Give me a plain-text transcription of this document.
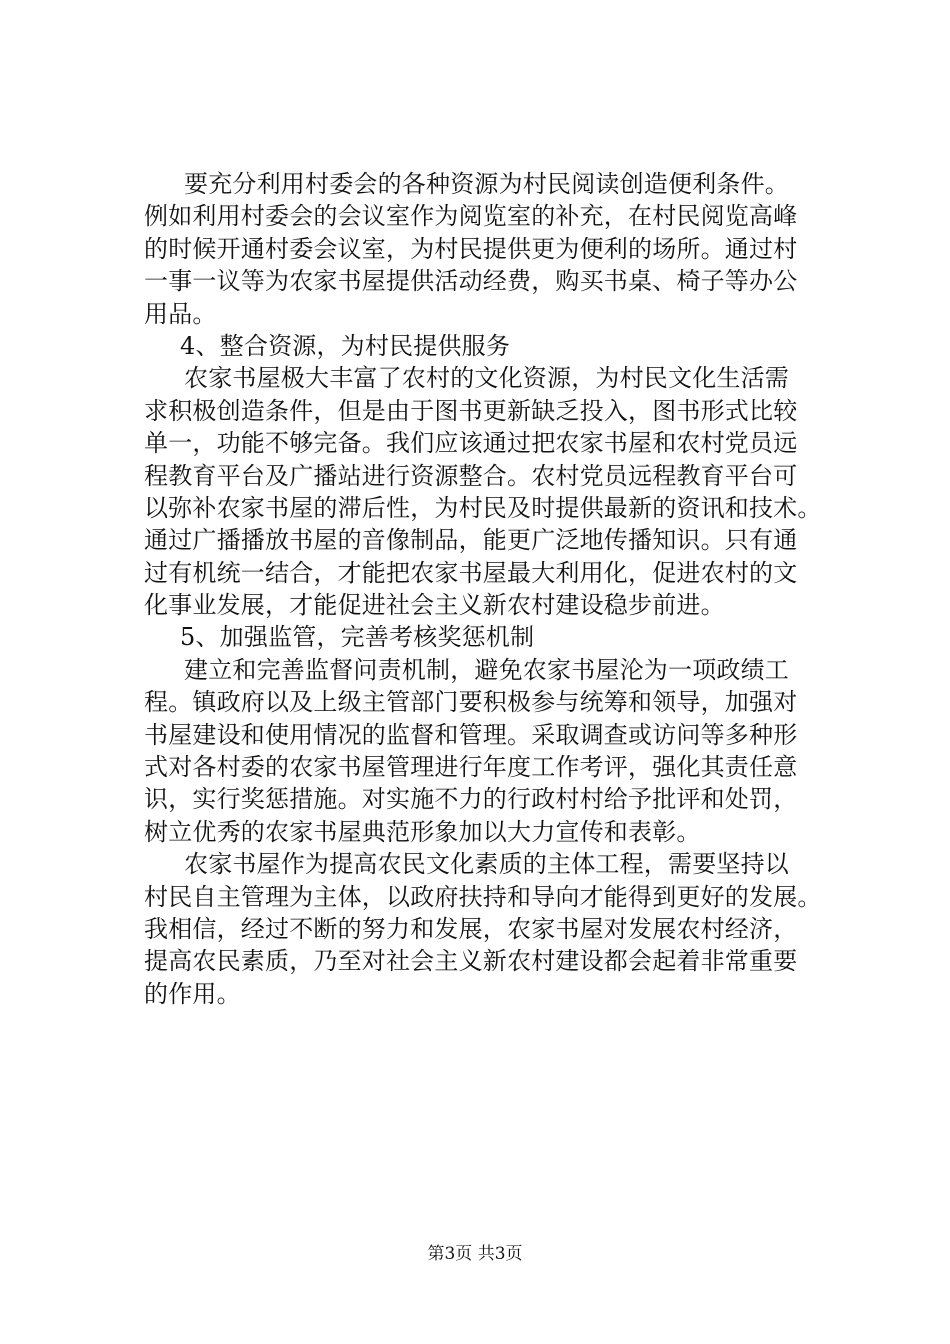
要充分利用村委会的各种资源为村民阅读创造便利条件。
例如利用村委会的会议室作为阅览室的补充，在村民阅览高峰
的时候开通村委会议室，为村民提供更为便利的场所。通过村
一事一议等为农家书屋提供活动经费，购买书桌、椅子等办公
用品。
4、整合资源，为村民提供服务
农家书屋极大丰富了农村的文化资源，为村民文化生活需
求积极创造条件，但是由于图书更新缺乏投入，图书形式比较
单一，功能不够完备。我们应该通过把农家书屋和农村党员远
程教育平台及广播站进行资源整合。农村党员远程教育平台可
以弥补农家书屋的滞后性，为村民及时提供最新的资讯和技术。
通过广播播放书屋的音像制品，能更广泛地传播知识。只有通
过有机统一结合，才能把农家书屋最大利用化，促进农村的文
化事业发展，才能促进社会主义新农村建设稳步前进。
5、加强监管，完善考核奖惩机制
建立和完善监督问责机制，避免农家书屋沦为一项政绩工
程。镇政府以及上级主管部门要积极参与统筹和领导，加强对
书屋建设和使用情况的监督和管理。采取调查或访问等多种形
式对各村委的农家书屋管理进行年度工作考评，强化其责任意
识，实行奖惩措施。对实施不力的行政村村给予批评和处罚，
树立优秀的农家书屋典范形象加以大力宣传和表彰。
农家书屋作为提高农民文化素质的主体工程，需要坚持以
村民自主管理为主体，以政府扶持和导向才能得到更好的发展。
我相信，经过不断的努力和发展，农家书屋对发展农村经济，
提高农民素质，乃至对社会主义新农村建设都会起着非常重要
的作用。
第3页 共3页
